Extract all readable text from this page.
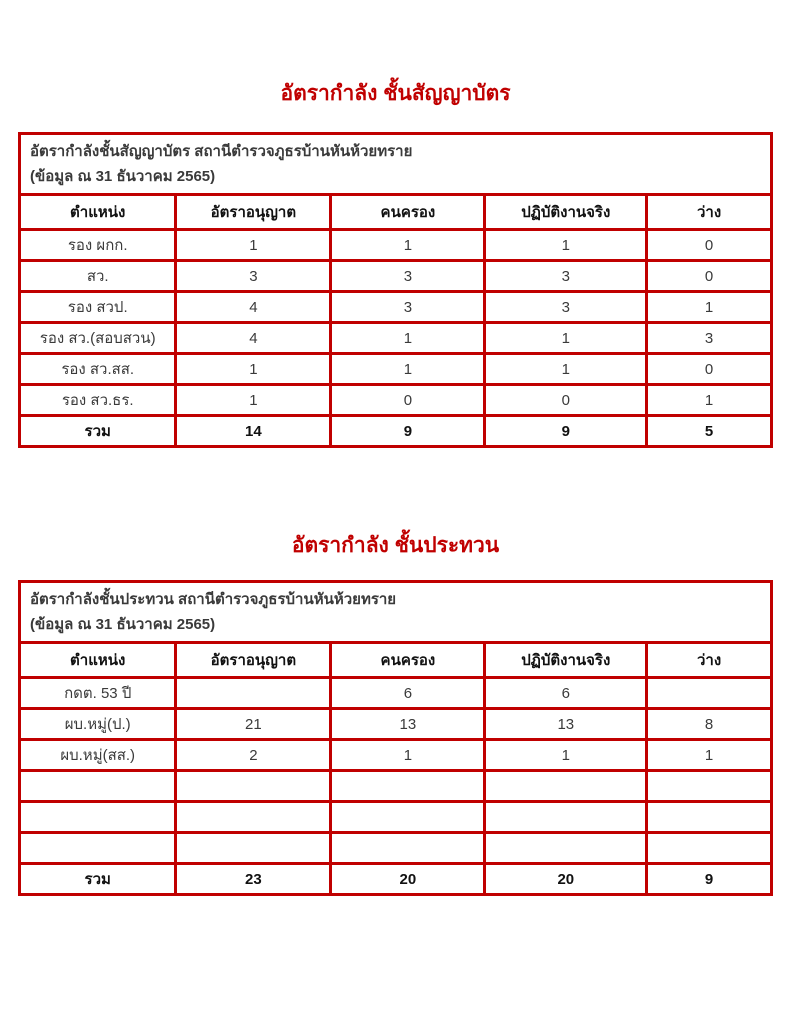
อัตรากำลัง ชั้นสัญญาบัตร
อัตรากำลังชั้นสัญญาบัตร สถานีตำรวจภูธรบ้านหันห้วยทราย
(ข้อมูล ณ 31 ธันวาคม 2565)				

ตำแหน่ง	อัตราอนุญาต	คนครอง	ปฏิบัติงานจริง	ว่าง
รอง ผกก.	1	1	1	0
สว.	3	3	3	0
รอง สวป.	4	3	3	1
รอง สว.(สอบสวน)	4	1	1	3
รอง สว.สส.	1	1	1	0
รอง สว.ธร.	1	0	0	1
รวม	14	9	9	5
อัตรากำลัง ชั้นประทวน
อัตรากำลังชั้นประทวน สถานีตำรวจภูธรบ้านหันห้วยทราย
(ข้อมูล ณ 31 ธันวาคม 2565)				

ตำแหน่ง	อัตราอนุญาต	คนครอง	ปฏิบัติงานจริง	ว่าง
กดต. 53 ปี		6	6	
ผบ.หมู่(ป.)	21	13	13	8
ผบ.หมู่(สส.)	2	1	1	1

รวม	23	20	20	9
